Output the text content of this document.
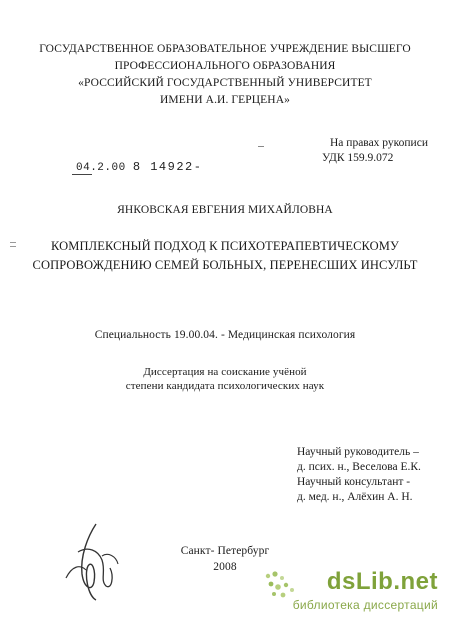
ГОСУДАРСТВЕННОЕ ОБРАЗОВАТЕЛЬНОЕ УЧРЕЖДЕНИЕ ВЫСШЕГО
ПРОФЕССИОНАЛЬНОГО ОБРАЗОВАНИЯ
«РОССИЙСКИЙ ГОСУДАРСТВЕННЫЙ УНИВЕРСИТЕТ
ИМЕНИ А.И. ГЕРЦЕНА»
На правах рукописи
УДК 159.9.072
04.2.00 8 14922-
ЯНКОВСКАЯ ЕВГЕНИЯ МИХАЙЛОВНА
КОМПЛЕКСНЫЙ ПОДХОД К ПСИХОТЕРАПЕВТИЧЕСКОМУ
СОПРОВОЖДЕНИЮ СЕМЕЙ БОЛЬНЫХ, ПЕРЕНЕСШИХ ИНСУЛЬТ
Специальность 19.00.04. - Медицинская психология
Диссертация на соискание учёной
степени кандидата психологических наук
Научный руководитель –
д. псих. н., Веселова Е.К.
Научный консультант -
д. мед. н., Алёхин А. Н.
Санкт- Петербург
2008
dsLib.net
библиотека диссертаций
